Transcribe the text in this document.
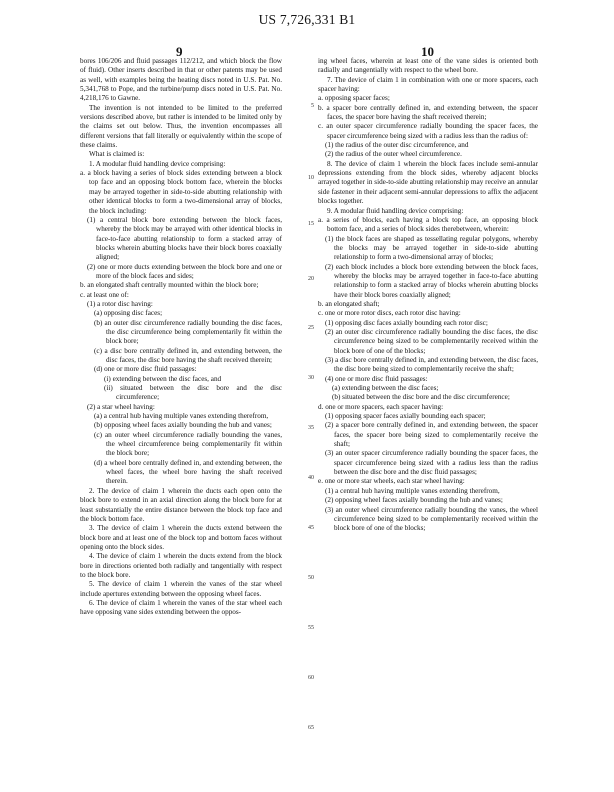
US 7,726,331 B1
9	10
5
10
15
20
25
30
35
40
45
50
55
60
65

bores 106/206 and fluid passages 112/212, and which block the flow of fluid). Other inserts described in that or other patents may be used as well, with examples being the heating discs noted in U.S. Pat. No. 5,341,768 to Pope, and the turbine/pump discs noted in U.S. Pat. No. 4,218,176 to Gawne.

The invention is not intended to be limited to the preferred versions described above, but rather is intended to be limited only by the claims set out below. Thus, the invention encompasses all different versions that fall literally or equivalently within the scope of these claims.

What is claimed is:

1. A modular fluid handling device comprising:

a. a block having a series of block sides extending between a block top face and an opposing block bottom face, wherein the blocks may be arrayed together in side-to-side abutting relationship with other identical blocks to form a two-dimensional array of blocks, the block including:

(1) a central block bore extending between the block faces, whereby the block may be arrayed with other identical blocks in face-to-face abutting relationship to form a stacked array of blocks wherein abutting blocks have their block bores coaxially aligned;

(2) one or more ducts extending between the block bore and one or more of the block faces and sides;

b. an elongated shaft centrally mounted within the block bore;

c. at least one of:

(1) a rotor disc having:

(a) opposing disc faces;

(b) an outer disc circumference radially bounding the disc faces, the disc circumference being complementarily fit within the block bore;

(c) a disc bore centrally defined in, and extending between, the disc faces, the disc bore having the shaft received therein;

(d) one or more disc fluid passages:

(i) extending between the disc faces, and

(ii) situated between the disc bore and the disc circumference;

(2) a star wheel having:

(a) a central hub having multiple vanes extending therefrom,

(b) opposing wheel faces axially bounding the hub and vanes;

(c) an outer wheel circumference radially bounding the vanes, the wheel circumference being complementarily fit within the block bore;

(d) a wheel bore centrally defined in, and extending between, the wheel faces, the wheel bore having the shaft received therein.

2. The device of claim 1 wherein the ducts each open onto the block bore to extend in an axial direction along the block bore for at least substantially the entire distance between the block top face and the block bottom face.

3. The device of claim 1 wherein the ducts extend between the block bore and at least one of the block top and bottom faces without opening onto the block sides.

4. The device of claim 1 wherein the ducts extend from the block bore in directions oriented both radially and tangentially with respect to the block bore.

5. The device of claim 1 wherein the vanes of the star wheel include apertures extending between the opposing wheel faces.

6. The device of claim 1 wherein the vanes of the star wheel each have opposing vane sides extending between the oppos-

ing wheel faces, wherein at least one of the vane sides is oriented both radially and tangentially with respect to the wheel bore.

7. The device of claim 1 in combination with one or more spacers, each spacer having:

a. opposing spacer faces;

b. a spacer bore centrally defined in, and extending between, the spacer faces, the spacer bore having the shaft received therein;

c. an outer spacer circumference radially bounding the spacer faces, the spacer circumference being sized with a radius less than the radius of:

(1) the radius of the outer disc circumference, and

(2) the radius of the outer wheel circumference.

8. The device of claim 1 wherein the block faces include semi-annular depressions extending from the block sides, whereby adjacent blocks arrayed together in side-to-side abutting relationship may receive an annular side fastener in their adjacent semi-annular depressions to affix the adjacent blocks together.

9. A modular fluid handling device comprising:

a. a series of blocks, each having a block top face, an opposing block bottom face, and a series of block sides therebetween, wherein:

(1) the block faces are shaped as tessellating regular polygons, whereby the blocks may be arrayed together in side-to-side abutting relationship to form a two-dimensional array of blocks;

(2) each block includes a block bore extending between the block faces, whereby the blocks may be arrayed together in face-to-face abutting relationship to form a stacked array of blocks wherein abutting blocks have their block bores coaxially aligned;

b. an elongated shaft;

c. one or more rotor discs, each rotor disc having:

(1) opposing disc faces axially bounding each rotor disc;

(2) an outer disc circumference radially bounding the disc faces, the disc circumference being sized to be complementarily received within the block bore of one of the blocks;

(3) a disc bore centrally defined in, and extending between, the disc faces, the disc bore being sized to complementarily receive the shaft;

(4) one or more disc fluid passages:

(a) extending between the disc faces;

(b) situated between the disc bore and the disc circumference;

d. one or more spacers, each spacer having:

(1) opposing spacer faces axially bounding each spacer;

(2) a spacer bore centrally defined in, and extending between, the spacer faces, the spacer bore being sized to complementarily receive the shaft;

(3) an outer spacer circumference radially bounding the spacer faces, the spacer circumference being sized with a radius less than the radius between the disc bore and the disc fluid passages;

e. one or more star wheels, each star wheel having:

(1) a central hub having multiple vanes extending therefrom,

(2) opposing wheel faces axially bounding the hub and vanes;

(3) an outer wheel circumference radially bounding the vanes, the wheel circumference being sized to be complementarily received within the block bore of one of the blocks;
